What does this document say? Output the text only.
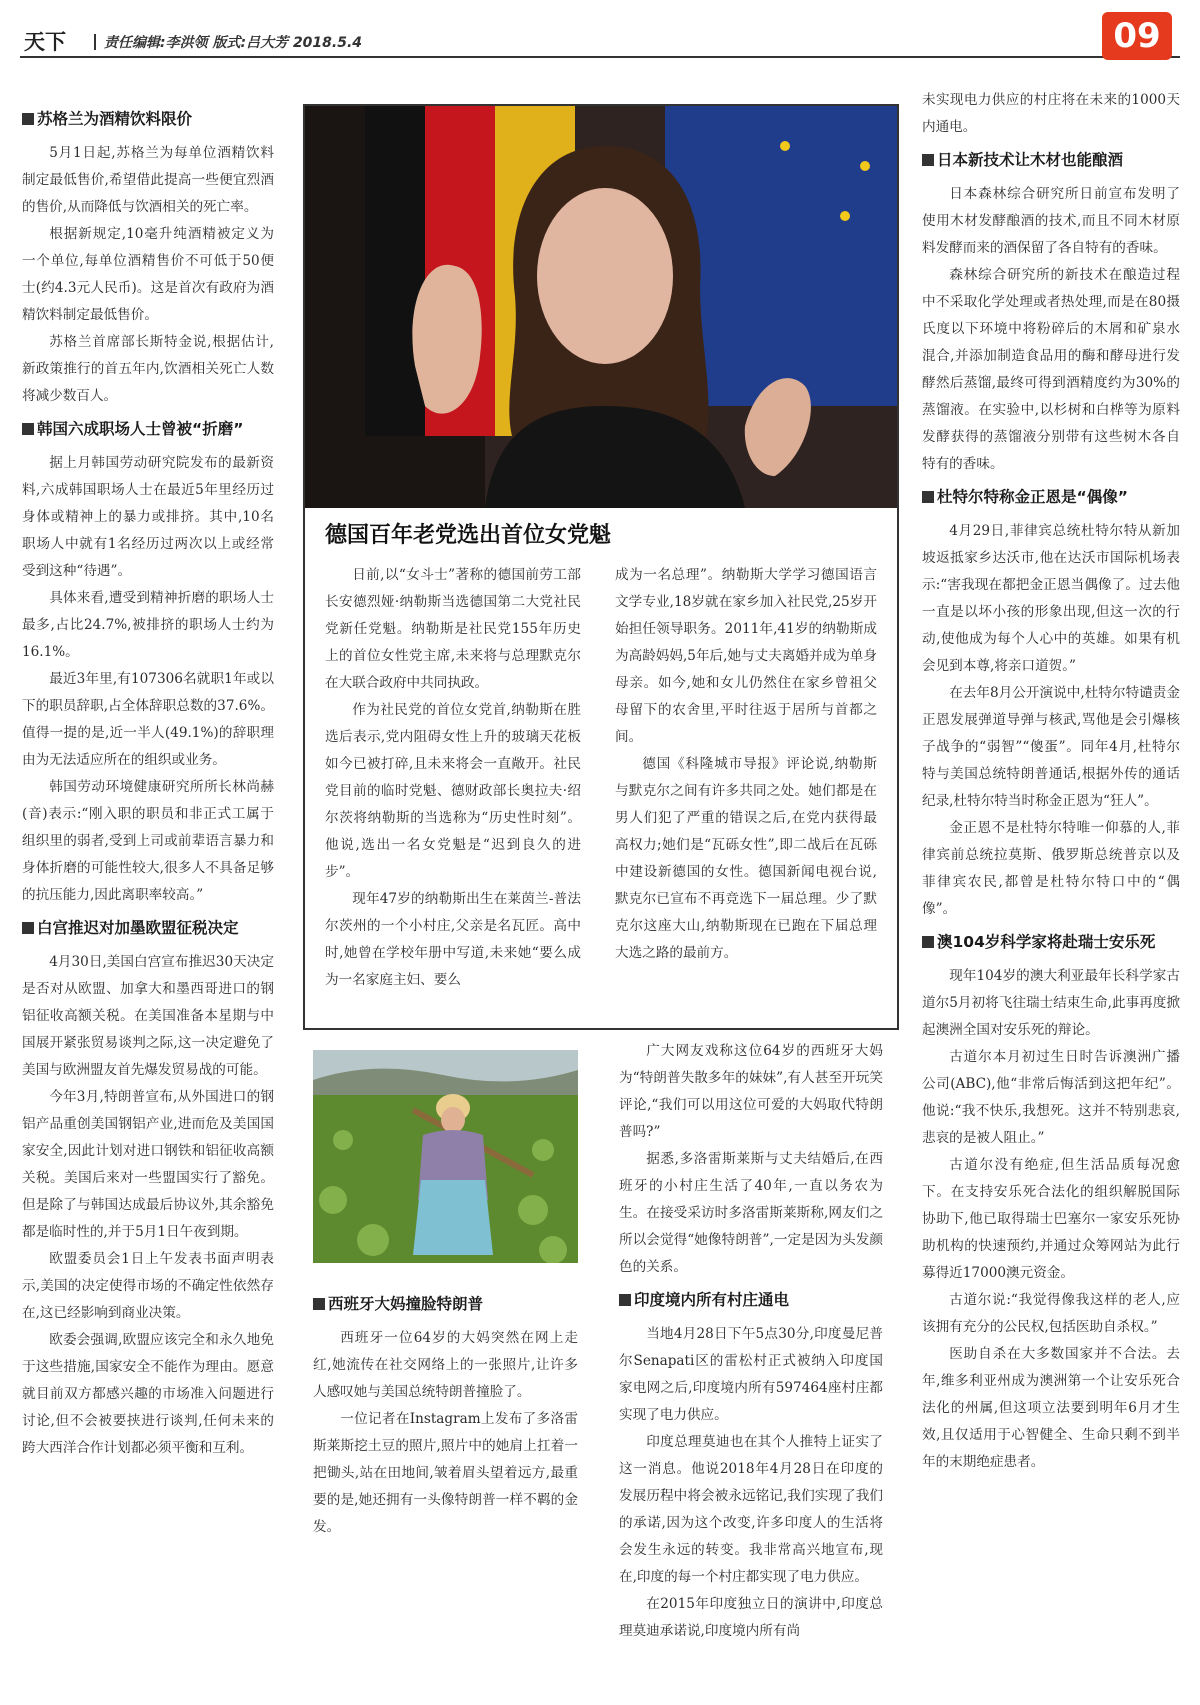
天下	责任编辑:李洪领 版式:吕大芳 2018.5.4	09
苏格兰为酒精饮料限价

5月1日起,苏格兰为每单位酒精饮料制定最低售价,希望借此提高一些便宜烈酒的售价,从而降低与饮酒相关的死亡率。

根据新规定,10毫升纯酒精被定义为一个单位,每单位酒精售价不可低于50便士(约4.3元人民币)。这是首次有政府为酒精饮料制定最低售价。

苏格兰首席部长斯特金说,根据估计,新政策推行的首五年内,饮酒相关死亡人数将减少数百人。

韩国六成职场人士曾被“折磨”

据上月韩国劳动研究院发布的最新资料,六成韩国职场人士在最近5年里经历过身体或精神上的暴力或排挤。其中,10名职场人中就有1名经历过两次以上或经常受到这种“待遇”。

具体来看,遭受到精神折磨的职场人士最多,占比24.7%,被排挤的职场人士约为16.1%。

最近3年里,有107306名就职1年或以下的职员辞职,占全体辞职总数的37.6%。值得一提的是,近一半人(49.1%)的辞职理由为无法适应所在的组织或业务。

韩国劳动环境健康研究所所长林尚赫(音)表示:“刚入职的职员和非正式工属于组织里的弱者,受到上司或前辈语言暴力和身体折磨的可能性较大,很多人不具备足够的抗压能力,因此离职率较高。”

白宫推迟对加墨欧盟征税决定

4月30日,美国白宫宣布推迟30天决定是否对从欧盟、加拿大和墨西哥进口的钢铝征收高额关税。在美国准备本星期与中国展开紧张贸易谈判之际,这一决定避免了美国与欧洲盟友首先爆发贸易战的可能。

今年3月,特朗普宣布,从外国进口的钢铝产品重创美国钢铝产业,进而危及美国国家安全,因此计划对进口钢铁和铝征收高额关税。美国后来对一些盟国实行了豁免。但是除了与韩国达成最后协议外,其余豁免都是临时性的,并于5月1日午夜到期。

欧盟委员会1日上午发表书面声明表示,美国的决定使得市场的不确定性依然存在,这已经影响到商业决策。

欧委会强调,欧盟应该完全和永久地免于这些措施,国家安全不能作为理由。愿意就目前双方都感兴趣的市场准入问题进行讨论,但不会被要挟进行谈判,任何未来的跨大西洋合作计划都必须平衡和互利。

德国百年老党选出首位女党魁

日前,以“女斗士”著称的德国前劳工部长安德烈娅·纳勒斯当选德国第二大党社民党新任党魁。纳勒斯是社民党155年历史上的首位女性党主席,未来将与总理默克尔在大联合政府中共同执政。

作为社民党的首位女党首,纳勒斯在胜选后表示,党内阻碍女性上升的玻璃天花板如今已被打碎,且未来将会一直敞开。社民党目前的临时党魁、德财政部长奥拉夫·绍尔茨将纳勒斯的当选称为“历史性时刻”。他说,选出一名女党魁是“迟到良久的进步”。

现年47岁的纳勒斯出生在莱茵兰-普法尔茨州的一个小村庄,父亲是名瓦匠。高中时,她曾在学校年册中写道,未来她“要么成为一名家庭主妇、要么

成为一名总理”。纳勒斯大学学习德国语言文学专业,18岁就在家乡加入社民党,25岁开始担任领导职务。2011年,41岁的纳勒斯成为高龄妈妈,5年后,她与丈夫离婚并成为单身母亲。如今,她和女儿仍然住在家乡曾祖父母留下的农舍里,平时往返于居所与首都之间。

德国《科隆城市导报》评论说,纳勒斯与默克尔之间有许多共同之处。她们都是在男人们犯了严重的错误之后,在党内获得最高权力;她们是“瓦砾女性”,即二战后在瓦砾中建设新德国的女性。德国新闻电视台说,默克尔已宣布不再竞选下一届总理。少了默克尔这座大山,纳勒斯现在已跑在下届总理大选之路的最前方。

西班牙大妈撞脸特朗普

西班牙一位64岁的大妈突然在网上走红,她流传在社交网络上的一张照片,让许多人感叹她与美国总统特朗普撞脸了。

一位记者在Instagram上发布了多洛雷斯莱斯挖土豆的照片,照片中的她肩上扛着一把锄头,站在田地间,皱着眉头望着远方,最重要的是,她还拥有一头像特朗普一样不羁的金发。

广大网友戏称这位64岁的西班牙大妈为“特朗普失散多年的妹妹”,有人甚至开玩笑评论,“我们可以用这位可爱的大妈取代特朗普吗?”

据悉,多洛雷斯莱斯与丈夫结婚后,在西班牙的小村庄生活了40年,一直以务农为生。在接受采访时多洛雷斯莱斯称,网友们之所以会觉得“她像特朗普”,一定是因为头发颜色的关系。

印度境内所有村庄通电

当地4月28日下午5点30分,印度曼尼普尔Senapati区的雷松村正式被纳入印度国家电网之后,印度境内所有597464座村庄都实现了电力供应。

印度总理莫迪也在其个人推特上证实了这一消息。他说2018年4月28日在印度的发展历程中将会被永远铭记,我们实现了我们的承诺,因为这个改变,许多印度人的生活将会发生永远的转变。我非常高兴地宣布,现在,印度的每一个村庄都实现了电力供应。

在2015年印度独立日的演讲中,印度总理莫迪承诺说,印度境内所有尚

未实现电力供应的村庄将在未来的1000天内通电。

日本新技术让木材也能酿酒

日本森林综合研究所日前宣布发明了使用木材发酵酿酒的技术,而且不同木材原料发酵而来的酒保留了各自特有的香味。

森林综合研究所的新技术在酿造过程中不采取化学处理或者热处理,而是在80摄氏度以下环境中将粉碎后的木屑和矿泉水混合,并添加制造食品用的酶和酵母进行发酵然后蒸馏,最终可得到酒精度约为30%的蒸馏液。在实验中,以杉树和白桦等为原料发酵获得的蒸馏液分别带有这些树木各自特有的香味。

杜特尔特称金正恩是“偶像”

4月29日,菲律宾总统杜特尔特从新加坡返抵家乡达沃市,他在达沃市国际机场表示:“害我现在都把金正恩当偶像了。过去他一直是以坏小孩的形象出现,但这一次的行动,使他成为每个人心中的英雄。如果有机会见到本尊,将亲口道贺。”

在去年8月公开演说中,杜特尔特谴责金正恩发展弹道导弹与核武,骂他是会引爆核子战争的“弱智”“傻蛋”。同年4月,杜特尔特与美国总统特朗普通话,根据外传的通话纪录,杜特尔特当时称金正恩为“狂人”。

金正恩不是杜特尔特唯一仰慕的人,菲律宾前总统拉莫斯、俄罗斯总统普京以及菲律宾农民,都曾是杜特尔特口中的“偶像”。

澳104岁科学家将赴瑞士安乐死

现年104岁的澳大利亚最年长科学家古道尔5月初将飞往瑞士结束生命,此事再度掀起澳洲全国对安乐死的辩论。

古道尔本月初过生日时告诉澳洲广播公司(ABC),他“非常后悔活到这把年纪”。他说:“我不快乐,我想死。这并不特别悲哀,悲哀的是被人阻止。”

古道尔没有绝症,但生活品质每况愈下。在支持安乐死合法化的组织解脱国际协助下,他已取得瑞士巴塞尔一家安乐死协助机构的快速预约,并通过众筹网站为此行募得近17000澳元资金。

古道尔说:“我觉得像我这样的老人,应该拥有充分的公民权,包括医助自杀权。”

医助自杀在大多数国家并不合法。去年,维多利亚州成为澳洲第一个让安乐死合法化的州属,但这项立法要到明年6月才生效,且仅适用于心智健全、生命只剩不到半年的末期绝症患者。
